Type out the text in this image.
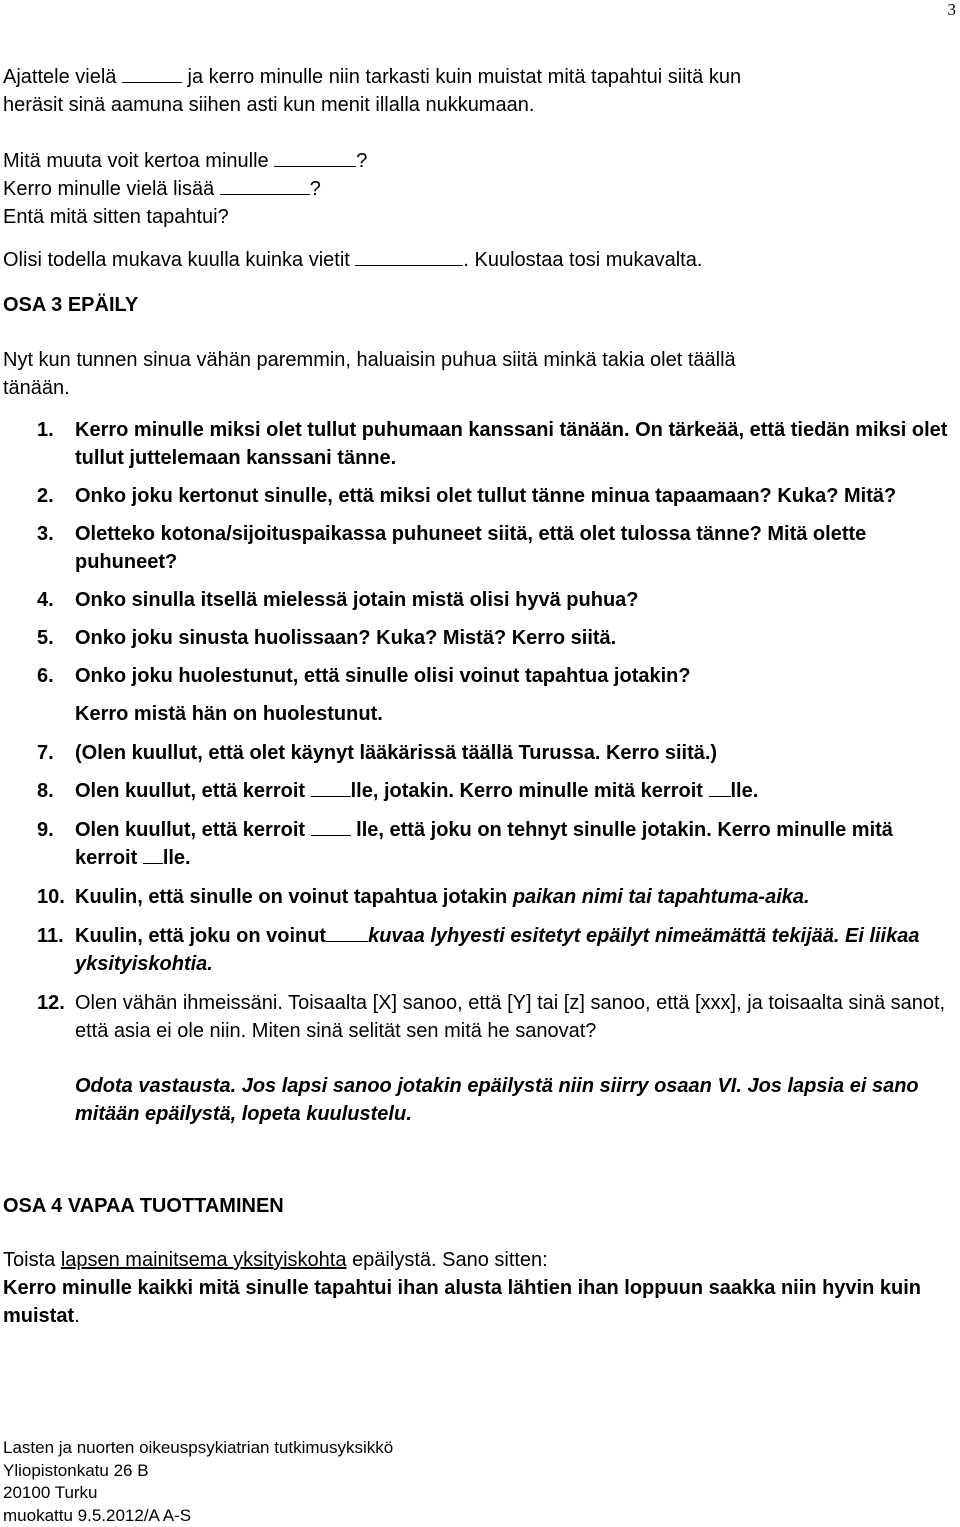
3

Ajattele vielä	ja kerro minulle niin tarkasti kuin muistat mitä tapahtui siitä kun
heräsit sinä aamuna siihen asti kun menit illalla nukkumaan.

Mitä muuta voit kertoa minulle	?
Kerro minulle vielä lisää	?
Entä mitä sitten tapahtui?

Olisi todella mukava kuulla kuinka vietit	. Kuulostaa tosi mukavalta.

OSA 3 EPÄILY

Nyt kun tunnen sinua vähän paremmin, haluaisin puhua siitä minkä takia olet täällä
tänään.

1. Kerro minulle miksi olet tullut puhumaan kanssani tänään. On tärkeää, että tiedän miksi olet tullut juttelemaan kanssani tänne.
2. Onko joku kertonut sinulle, että miksi olet tullut tänne minua tapaamaan? Kuka? Mitä?
3. Oletteko kotona/sijoituspaikassa puhuneet siitä, että olet tulossa tänne? Mitä olette puhuneet?
4. Onko sinulla itsellä mielessä jotain mistä olisi hyvä puhua?
5. Onko joku sinusta huolissaan? Kuka? Mistä? Kerro siitä.
6. Onko joku huolestunut, että sinulle olisi voinut tapahtua jotakin?
Kerro mistä hän on huolestunut.
7. (Olen kuullut, että olet käynyt lääkärissä täällä Turussa. Kerro siitä.)
8. Olen kuullut, että kerroit lle, jotakin. Kerro minulle mitä kerroit lle.
9. Olen kuullut, että kerroit	lle, että joku on tehnyt sinulle jotakin. Kerro minulle mitä kerroit lle.
10. Kuulin, että sinulle on voinut tapahtua jotakin paikan nimi tai tapahtuma-aika.
11. Kuulin, että joku on voinut kuvaa lyhyesti esitetyt epäilyt nimeämättä tekijää. Ei liikaa yksityiskohtia.
12. Olen vähän ihmeissäni. Toisaalta [X] sanoo, että [Y] tai [z] sanoo, että [xxx], ja toisaalta sinä sanot, että asia ei ole niin. Miten sinä selität sen mitä he sanovat?

Odota vastausta. Jos lapsi sanoo jotakin epäilystä niin siirry osaan VI. Jos lapsia ei sano mitään epäilystä, lopeta kuulustelu.

OSA 4 VAPAA TUOTTAMINEN

Toista lapsen mainitsema yksityiskohta epäilystä. Sano sitten:
Kerro minulle kaikki mitä sinulle tapahtui ihan alusta lähtien ihan loppuun saakka niin hyvin kuin muistat.

Lasten ja nuorten oikeuspsykiatrian tutkimusyksikkö
Yliopistonkatu 26 B
20100 Turku
muokattu 9.5.2012/A A-S
